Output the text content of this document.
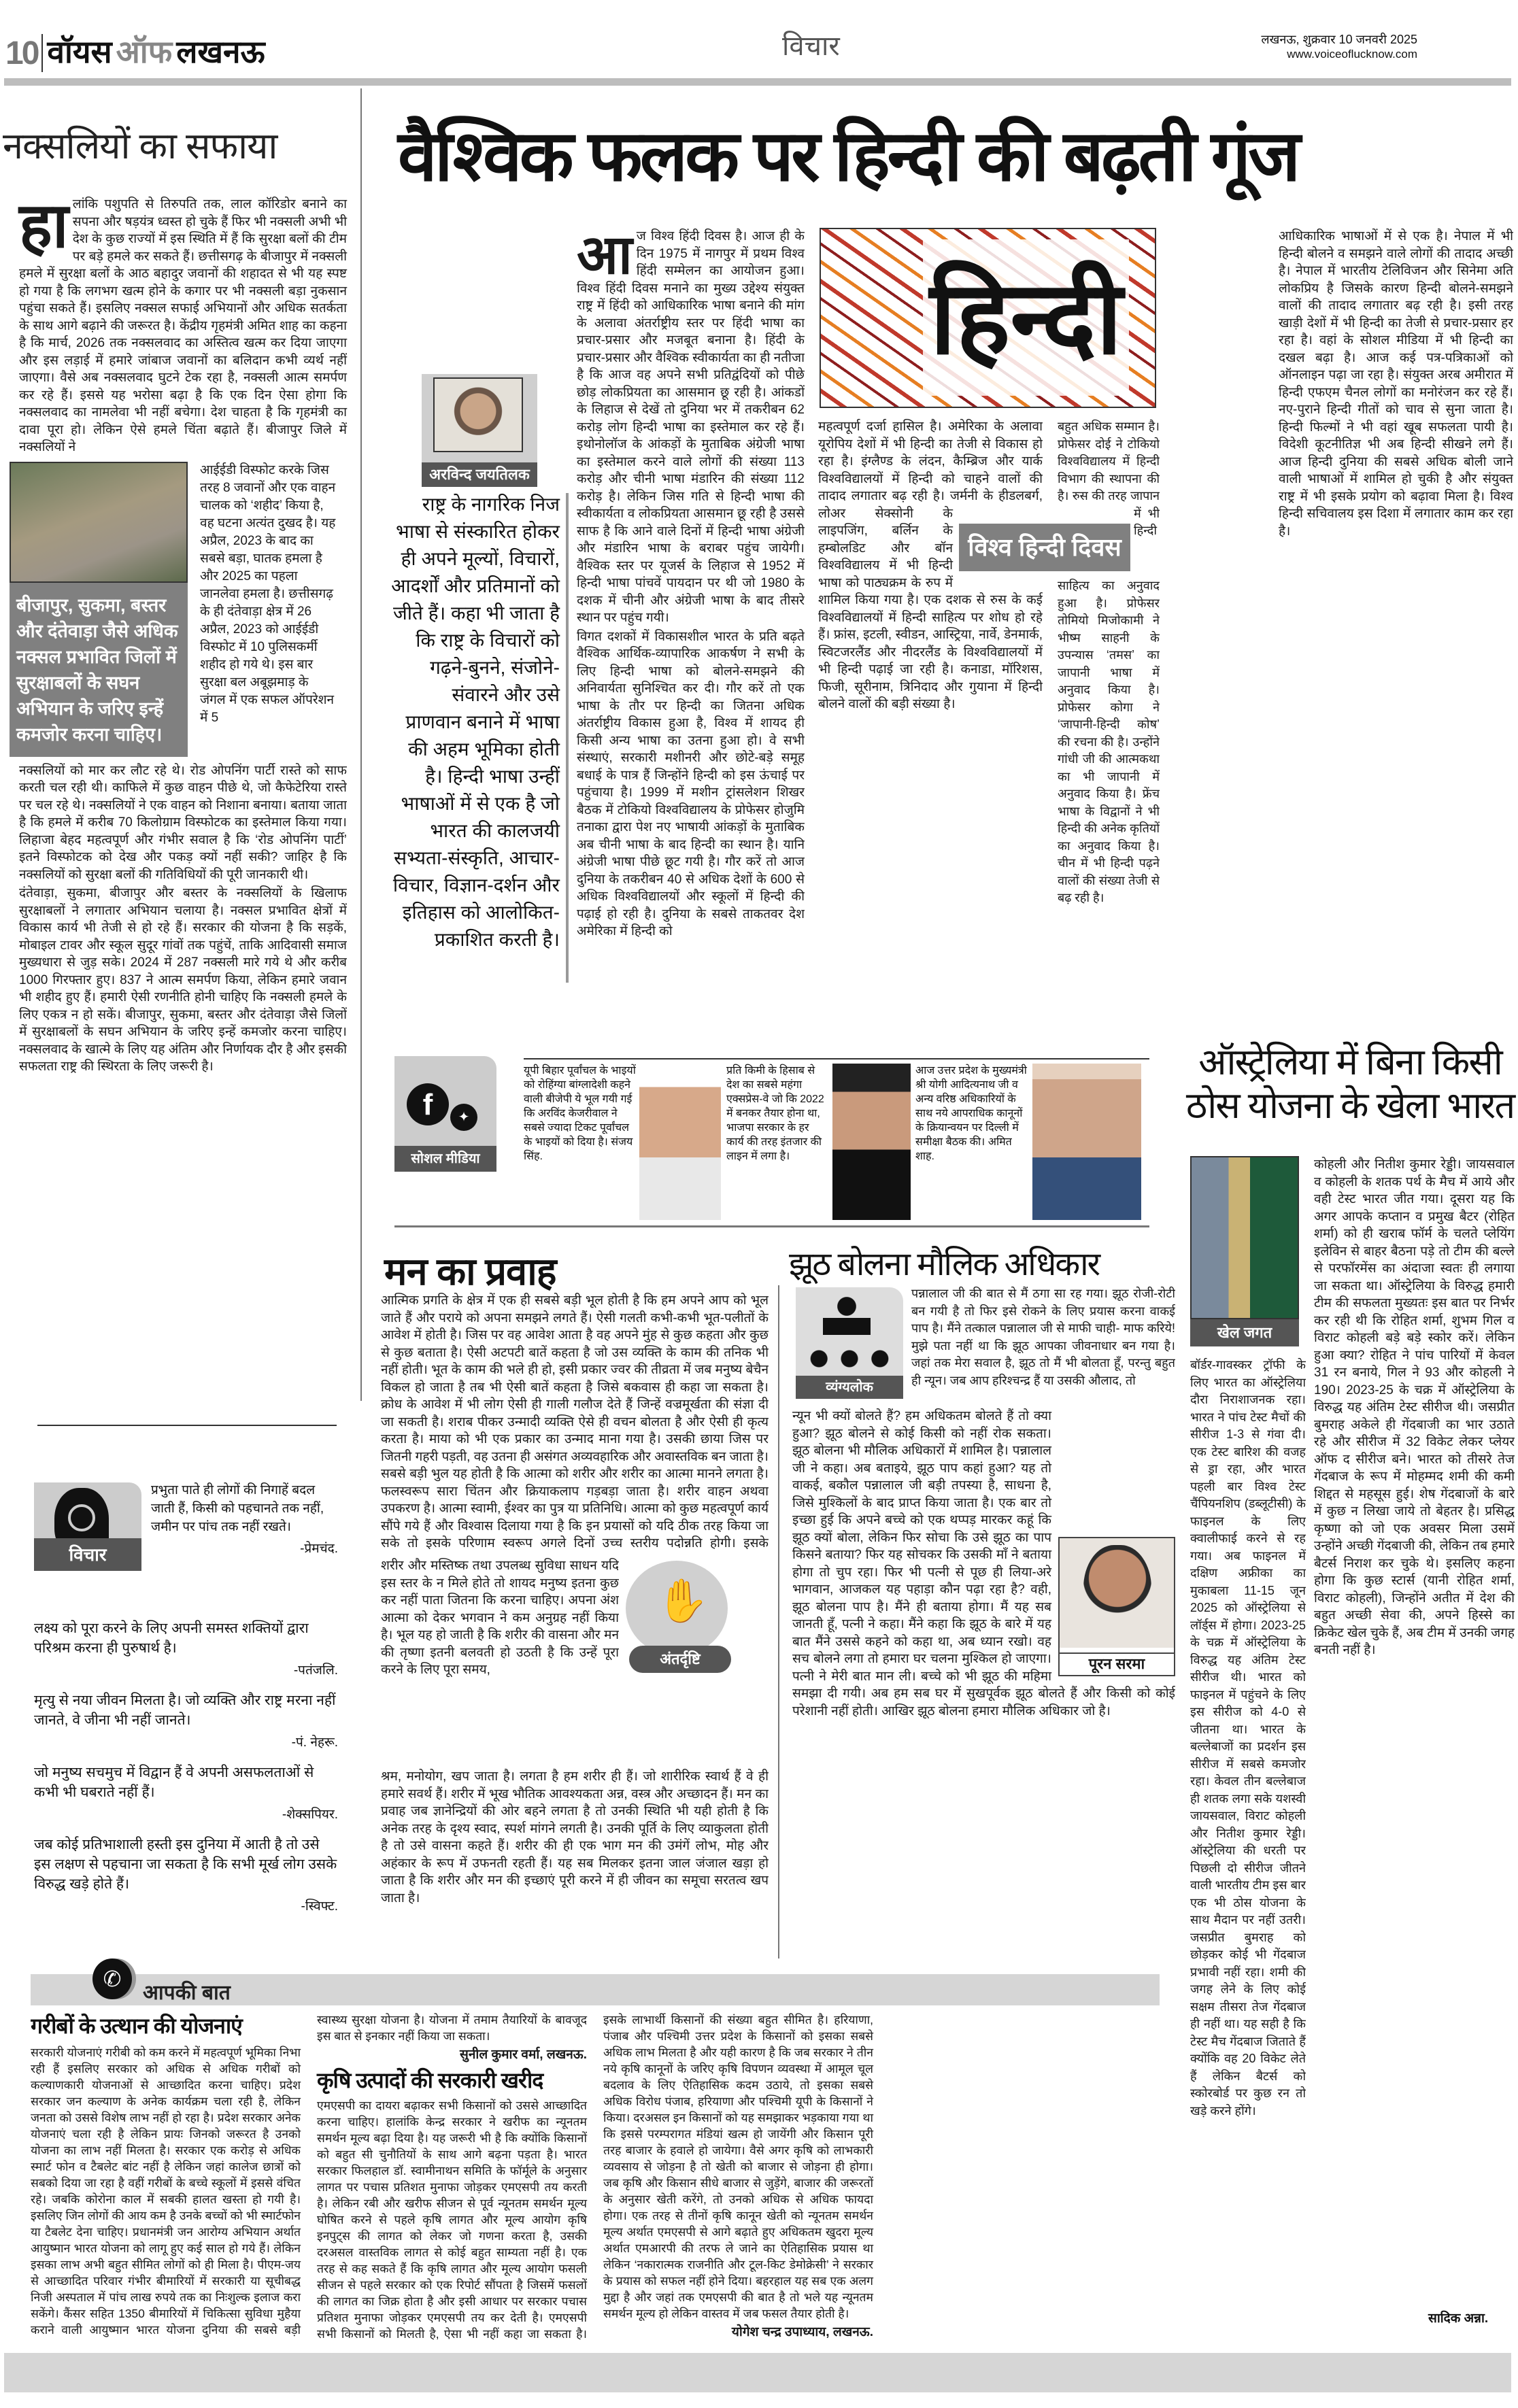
10 वॉयस ऑफ लखनऊ	विचार	लखनऊ, शुक्रवार 10 जनवरी 2025
www.voiceoflucknow.com
नक्सलियों का सफाया
हा लांकि पशुपति से तिरुपति तक, लाल कॉरिडोर बनाने का सपना और षड़यंत्र ध्वस्त हो चुके हैं फिर भी नक्सली अभी भी देश के कुछ राज्यों में इस स्थिति में हैं कि सुरक्षा बलों की टीम पर बड़े हमले कर सकते हैं। छत्तीसगढ़ के बीजापुर में नक्सली हमले में सुरक्षा बलों के आठ बहादुर जवानों की शहादत से भी यह स्पष्ट हो गया है कि लगभग खत्म होने के कगार पर भी नक्सली बड़ा नुकसान पहुंचा सकते हैं। इसलिए नक्सल सफाई अभियानों और अधिक सतर्कता के साथ आगे बढ़ाने की जरूरत है। केंद्रीय गृहमंत्री अमित शाह का कहना है कि मार्च, 2026 तक नक्सलवाद का अस्तित्व खत्म कर दिया जाएगा और इस लड़ाई में हमारे जांबाज जवानों का बलिदान कभी व्यर्थ नहीं जाएगा। वैसे अब नक्सलवाद घुटने टेक रहा है, नक्सली आत्म समर्पण कर रहे हैं। इससे यह भरोसा बढ़ा है कि एक दिन ऐसा होगा कि नक्सलवाद का नामलेवा भी नहीं बचेगा। देश चाहता है कि गृहमंत्री का दावा पूरा हो। लेकिन ऐसे हमले चिंता बढ़ाते हैं। बीजापुर जिले में नक्सलियों ने
बीजापुर, सुकमा, बस्तर और दंतेवाड़ा जैसे अधिक नक्सल प्रभावित जिलों में सुरक्षाबलों के सघन अभियान के जरिए इन्हें कमजोर करना चाहिए।
आईईडी विस्फोट करके जिस तरह 8 जवानों और एक वाहन चालक को ‘शहीद’ किया है, वह घटना अत्यंत दुखद है। यह अप्रैल, 2023 के बाद का सबसे बड़ा, घातक हमला है और 2025 का पहला जानलेवा हमला है। छत्तीसगढ़ के ही दंतेवाड़ा क्षेत्र में 26 अप्रैल, 2023 को आईईडी विस्फोट में 10 पुलिसकर्मी शहीद हो गये थे। इस बार सुरक्षा बल अबूझमाड़ के जंगल में एक सफल ऑपरेशन में 5

नक्सलियों को मार कर लौट रहे थे। रोड ओपनिंग पार्टी रास्ते को साफ करती चल रही थी। काफिले में कुछ वाहन पीछे थे, जो कैफेटेरिया रास्ते पर चल रहे थे। नक्सलियों ने एक वाहन को निशाना बनाया। बताया जाता है कि हमले में करीब 70 किलोग्राम विस्फोटक का इस्तेमाल किया गया। लिहाजा बेहद महत्वपूर्ण और गंभीर सवाल है कि ‘रोड ओपनिंग पार्टी’ इतने विस्फोटक को देख और पकड़ क्यों नहीं सकी? जाहिर है कि नक्सलियों को सुरक्षा बलों की गतिविधियों की पूरी जानकारी थी।

दंतेवाड़ा, सुकमा, बीजापुर और बस्तर के नक्सलियों के खिलाफ सुरक्षाबलों ने लगातार अभियान चलाया है। नक्सल प्रभावित क्षेत्रों में विकास कार्य भी तेजी से हो रहे हैं। सरकार की योजना है कि सड़कें, मोबाइल टावर और स्कूल सुदूर गांवों तक पहुंचें, ताकि आदिवासी समाज मुख्यधारा से जुड़ सके। 2024 में 287 नक्सली मारे गये थे और करीब 1000 गिरफ्तार हुए। 837 ने आत्म समर्पण किया, लेकिन हमारे जवान भी शहीद हुए हैं। हमारी ऐसी रणनीति होनी चाहिए कि नक्सली हमले के लिए एकत्र न हो सकें। बीजापुर, सुकमा, बस्तर और दंतेवाड़ा जैसे जिलों में सुरक्षाबलों के सघन अभियान के जरिए इन्हें कमजोर करना चाहिए। नक्सलवाद के खात्मे के लिए यह अंतिम और निर्णायक दौर है और इसकी सफलता राष्ट्र की स्थिरता के लिए जरूरी है।

वैश्विक फलक पर हिन्दी की बढ़ती गूंज
अरविन्द जयतिलक
राष्ट्र के नागरिक निज भाषा से संस्कारित होकर ही अपने मूल्यों, विचारों, आदर्शों और प्रतिमानों को जीते हैं। कहा भी जाता है कि राष्ट्र के विचारों को गढ़ने-बुनने, संजोने-संवारने और उसे प्राणवान बनाने में भाषा की अहम भूमिका होती है। हिन्दी भाषा उन्हीं भाषाओं में से एक है जो भारत की कालजयी सभ्यता-संस्कृति, आचार-विचार, विज्ञान-दर्शन और इतिहास को आलोकित-प्रकाशित करती है।
आ ज विश्व हिंदी दिवस है। आज ही के दिन 1975 में नागपुर में प्रथम विश्व हिंदी सम्मेलन का आयोजन हुआ। विश्व हिंदी दिवस मनाने का मुख्य उद्देश्य संयुक्त राष्ट्र में हिंदी को आधिकारिक भाषा बनाने की मांग के अलावा अंतर्राष्ट्रीय स्तर पर हिंदी भाषा का प्रचार-प्रसार और मजबूत बनाना है। हिंदी के प्रचार-प्रसार और वैश्विक स्वीकार्यता का ही नतीजा है कि आज वह अपने सभी प्रतिद्वंदियों को पीछे छोड़ लोकप्रियता का आसमान छू रही है। आंकडों के लिहाज से देखें तो दुनिया भर में तकरीबन 62 करोड़ लोग हिन्दी भाषा का इस्तेमाल कर रहे हैं। इथोनोलॉज के आंकड़ों के मुताबिक अंग्रेजी भाषा का इस्तेमाल करने वाले लोगों की संख्या 113 करोड़ और चीनी भाषा मंडारिन की संख्या 112 करोड़ है। लेकिन जिस गति से हिन्दी भाषा की स्वीकार्यता व लोकप्रियता आसमान छू रही है उससे साफ है कि आने वाले दिनों में हिन्दी भाषा अंग्रेजी और मंडारिन भाषा के बराबर पहुंच जायेगी। वैश्विक स्तर पर यूजर्स के लिहाज से 1952 में हिन्दी भाषा पांचवें पायदान पर थी जो 1980 के दशक में चीनी और अंग्रेजी भाषा के बाद तीसरे स्थान पर पहुंच गयी।

विगत दशकों में विकासशील भारत के प्रति बढ़ते वैश्विक आर्थिक-व्यापारिक आकर्षण ने सभी के लिए हिन्दी भाषा को बोलने-समझने की अनिवार्यता सुनिश्चित कर दी। गौर करें तो एक भाषा के तौर पर हिन्दी का जितना अधिक अंतर्राष्ट्रीय विकास हुआ है, विश्व में शायद ही किसी अन्य भाषा का उतना हुआ हो। वे सभी संस्थाएं, सरकारी मशीनरी और छोटे-बड़े समूह बधाई के पात्र हैं जिन्होंने हिन्दी को इस ऊंचाई पर पहुंचाया है। 1999 में मशीन ट्रांसलेशन शिखर बैठक में टोकियो विश्वविद्यालय के प्रोफेसर होजुमि तनाका द्वारा पेश नए भाषायी आंकड़ों के मुताबिक अब चीनी भाषा के बाद हिन्दी का स्थान है। यानि अंग्रेजी भाषा पीछे छूट गयी है। गौर करें तो आज दुनिया के तकरीबन 40 से अधिक देशों के 600 से अधिक विश्वविद्यालयों और स्कूलों में हिन्दी की पढ़ाई हो रही है। दुनिया के सबसे ताकतवर देश अमेरिका में हिन्दी को

हिन्दी
महत्वपूर्ण दर्जा हासिल है। अमेरिका के अलावा यूरोपिय देशों में भी हिन्दी का तेजी से विकास हो रहा है। इंग्लैण्ड के लंदन, कैम्ब्रिज और यार्क विश्वविद्यालयों में हिन्दी को चाहने वालों की तादाद लगातार बढ़ रही है। जर्मनी के हीडलबर्ग, लोअर सेक्सोनी के लाइपजिंग, बर्लिन के हम्बोलडिट और बॉन विश्वविद्यालय में भी हिन्दी भाषा को पाठ्यक्रम के रुप में शामिल किया गया है। एक दशक से रुस के कई विश्वविद्यालयों में हिन्दी साहित्य पर शोध हो रहे हैं। फ्रांस, इटली, स्वीडन, आस्ट्रिया, नार्वे, डेनमार्क, स्विटजरलैंड और नीदरलैंड के विश्वविद्यालयों में भी हिन्दी पढ़ाई जा रही है। कनाडा, मॉरिशस, फिजी, सूरीनाम, त्रिनिदाद और गुयाना में हिन्दी बोलने वालों की बड़ी संख्या है।
बहुत अधिक सम्मान है। प्रोफेसर दोई ने टोकियो विश्वविद्यालय में हिन्दी विभाग की स्थापना की है। रुस की तरह जापान में भी हिन्दी साहित्य का अनुवाद हुआ है। प्रोफेसर तोमियो मिजोकामी ने भीष्म साहनी के उपन्यास ‘तमस’ का जापानी भाषा में अनुवाद किया है। प्रोफेसर कोगा ने ‘जापानी-हिन्दी कोष’ की रचना की है। उन्होंने गांधी जी की आत्मकथा का भी जापानी में अनुवाद किया है। फ्रेंच भाषा के विद्वानों ने भी हिन्दी की अनेक कृतियों का अनुवाद किया है। चीन में भी हिन्दी पढ़ने वालों की संख्या तेजी से बढ़ रही है।
विश्व हिन्दी दिवस
आधिकारिक भाषाओं में से एक है। नेपाल में भी हिन्दी बोलने व समझने वाले लोगों की तादाद अच्छी है। नेपाल में भारतीय टेलिविजन और सिनेमा अति लोकप्रिय है जिसके कारण हिन्दी बोलने-समझने वालों की तादाद लगातार बढ़ रही है। इसी तरह खाड़ी देशों में भी हिन्दी का तेजी से प्रचार-प्रसार हर रहा है। वहां के सोशल मीडिया में भी हिन्दी का दखल बढ़ा है। आज कई पत्र-पत्रिकाओं को ऑनलाइन पढ़ा जा रहा है। संयुक्त अरब अमीरात में हिन्दी एफएम चैनल लोगों का मनोरंजन कर रहे हैं। नए-पुराने हिन्दी गीतों को चाव से सुना जाता है। हिन्दी फिल्मों ने भी वहां खूब सफलता पायी है। विदेशी कूटनीतिज्ञ भी अब हिन्दी सीखने लगे हैं। आज हिन्दी दुनिया की सबसे अधिक बोली जाने वाली भाषाओं में शामिल हो चुकी है और संयुक्त राष्ट्र में भी इसके प्रयोग को बढ़ावा मिला है। विश्व हिन्दी सचिवालय इस दिशा में लगातार काम कर रहा है।
f	✦
सोशल मीडिया
यूपी बिहार पूर्वांचल के भाइयों को रोहिंग्या बांग्लादेशी कहने वाली बीजेपी ये भूल गयी गई कि अरविंद केजरीवाल ने सबसे ज्यादा टिकट पूर्वांचल के भाइयों को दिया है। संजय सिंह.
प्रति किमी के हिसाब से देश का सबसे महंगा एक्सप्रेस-वे जो कि 2022 में बनकर तैयार होना था, भाजपा सरकार के हर कार्य की तरह इंतजार की लाइन में लगा है।
आज उत्तर प्रदेश के मुख्यमंत्री श्री योगी आदित्यनाथ जी व अन्य वरिष्ठ अधिकारियों के साथ नये आपराधिक कानूनों के क्रियान्वयन पर दिल्ली में समीक्षा बैठक की। अमित शाह.
ऑस्ट्रेलिया में बिना किसी ठोस योजना के खेला भारत
खेल जगत
कोहली और नितीश कुमार रेड्डी। जायसवाल व कोहली के शतक पर्थ के मैच में आये और वही टेस्ट भारत जीत गया। दूसरा यह कि अगर आपके कप्तान व प्रमुख बैटर (रोहित शर्मा) को ही खराब फॉर्म के चलते प्लेयिंग इलेविन से बाहर बैठना पड़े तो टीम की बल्ले से परफॉरमेंस का अंदाजा स्वतः ही लगाया जा सकता था। ऑस्ट्रेलिया के विरुद्ध हमारी टीम की सफलता मुख्यतः इस बात पर निर्भर कर रही थी कि रोहित शर्मा, शुभम गिल व विराट कोहली बड़े बड़े स्कोर करें। लेकिन हुआ क्या? रोहित ने पांच पारियों में केवल 31 रन बनाये, गिल ने 93 और कोहली ने 190। 2023-25 के चक्र में ऑस्ट्रेलिया के विरुद्ध यह अंतिम टेस्ट सीरीज थी। जसप्रीत बुमराह अकेले ही गेंदबाजी का भार उठाते रहे और सीरीज में 32 विकेट लेकर प्लेयर ऑफ द सीरीज बने। भारत को तीसरे तेज गेंदबाज के रूप में मोहम्मद शमी की कमी शिद्दत से महसूस हुई। शेष गेंदबाजों के बारे में कुछ न लिखा जाये तो बेहतर है। प्रसिद्ध कृष्णा को जो एक अवसर मिला उसमें उन्होंने अच्छी गेंदबाजी की, लेकिन तब हमारे बैटर्स निराश कर चुके थे। इसलिए कहना होगा कि कुछ स्टार्स (यानी रोहित शर्मा, विराट कोहली), जिन्होंने अतीत में देश की बहुत अच्छी सेवा की, अपने हिस्से का क्रिकेट खेल चुके हैं, अब टीम में उनकी जगह बनती नहीं है।
बॉर्डर-गावस्कर ट्रॉफी के लिए भारत का ऑस्ट्रेलिया दौरा निराशाजनक रहा। भारत ने पांच टेस्ट मैचों की सीरीज 1-3 से गंवा दी। एक टेस्ट बारिश की वजह से ड्रा रहा, और भारत पहली बार विश्व टेस्ट चैंपियनशिप (डब्लूटीसी) के फाइनल के लिए क्वालीफाई करने से रह गया। अब फाइनल में दक्षिण अफ्रीका का मुकाबला 11-15 जून 2025 को ऑस्ट्रेलिया से लॉर्ड्स में होगा। 2023-25 के चक्र में ऑस्ट्रेलिया के विरुद्ध यह अंतिम टेस्ट सीरीज थी। भारत को फाइनल में पहुंचने के लिए इस सीरीज को 4-0 से जीतना था। भारत के बल्लेबाजों का प्रदर्शन इस सीरीज में सबसे कमजोर रहा। केवल तीन बल्लेबाज ही शतक लगा सके यशस्वी जायसवाल, विराट कोहली और नितीश कुमार रेड्डी। ऑस्ट्रेलिया की धरती पर पिछली दो सीरीज जीतने वाली भारतीय टीम इस बार एक भी ठोस योजना के साथ मैदान पर नहीं उतरी। जसप्रीत बुमराह को छोड़कर कोई भी गेंदबाज प्रभावी नहीं रहा। शमी की जगह लेने के लिए कोई सक्षम तीसरा तेज गेंदबाज ही नहीं था। यह सही है कि टेस्ट मैच गेंदबाज जिताते हैं क्योंकि वह 20 विकेट लेते हैं लेकिन बैटर्स को स्कोरबोर्ड पर कुछ रन तो खड़े करने होंगे।
सादिक अन्ना.
मन का प्रवाह
आत्मिक प्रगति के क्षेत्र में एक ही सबसे बड़ी भूल होती है कि हम अपने आप को भूल जाते हैं और पराये को अपना समझने लगते हैं। ऐसी गलती कभी-कभी भूत-पलीतों के आवेश में होती है। जिस पर वह आवेश आता है वह अपने मुंह से कुछ कहता और कुछ से कुछ बताता है। ऐसी अटपटी बातें कहता है जो उस व्यक्ति के काम की तनिक भी नहीं होती। भूत के काम की भले ही हो, इसी प्रकार ज्वर की तीव्रता में जब मनुष्य बेचैन विकल हो जाता है तब भी ऐसी बातें कहता है जिसे बकवास ही कहा जा सकता है। क्रोध के आवेश में भी लोग ऐसी ही गाली गलौज देते हैं जिन्हें वज्रमूर्खता की संज्ञा दी जा सकती है। शराब पीकर उन्मादी व्यक्ति ऐसे ही वचन बोलता है और ऐसी ही कृत्य करता है। माया को भी एक प्रकार का उन्माद माना गया है। उसकी छाया जिस पर जितनी गहरी पड़ती, वह उतना ही असंगत अव्यवहारिक और अवास्तविक बन जाता है। सबसे बड़ी भुल यह होती है कि आत्मा को शरीर और शरीर का आत्मा मानने लगता है। फलस्वरूप सारा चिंतन और क्रियाकलाप गड़बड़ा जाता है। शरीर वाहन अथवा उपकरण है। आत्मा स्वामी, ईश्वर का पुत्र या प्रतिनिधि। आत्मा को कुछ महत्वपूर्ण कार्य सौंपे गये हैं और विश्वास दिलाया गया है कि इन प्रयासों को यदि ठीक तरह किया जा सके तो इसके परिणाम स्वरूप अगले दिनों उच्च स्तरीय पदोन्नति होगी। इसके
शरीर और मस्तिष्क तथा उपलब्ध सुविधा साधन यदि इस स्तर के न मिले होते तो शायद मनुष्य इतना कुछ कर नहीं पाता जितना कि करना चाहिए। अपना अंश आत्मा को देकर भगवान ने कम अनुग्रह नहीं किया है। भूल यह हो जाती है कि शरीर की वासना और मन की तृष्णा इतनी बलवती हो उठती है कि उन्हें पूरा करने के लिए पूरा समय,
✋
अंतर्दृष्टि
श्रम, मनोयोग, खप जाता है। लगता है हम शरीर ही हैं। जो शारीरिक स्वार्थ हैं वे ही हमारे सवर्थ हैं। शरीर में भूख भौतिक आवश्यकता अन्न, वस्त्र और अच्छादन हैं। मन का प्रवाह जब ज्ञानेन्द्रियों की ओर बहने लगता है तो उनकी स्थिति भी यही होती है कि अनेक तरह के दृश्य स्वाद, स्पर्श मांगने लगती है। उनकी पूर्ति के लिए व्याकुलता होती है तो उसे वासना कहते हैं। शरीर की ही एक भाग मन की उमंगें लोभ, मोह और अहंकार के रूप में उफनती रहती हैं। यह सब मिलकर इतना जाल जंजाल खड़ा हो जाता है कि शरीर और मन की इच्छाएं पूरी करने में ही जीवन का समूचा सरतत्व खप जाता है।
विचार

प्रभुता पाते ही लोगों की निगाहें बदल जाती हैं, किसी को पहचानते तक नहीं, जमीन पर पांच तक नहीं रखते।

-प्रेमचंद.

लक्ष्य को पूरा करने के लिए अपनी समस्त शक्तियों द्वारा परिश्रम करना ही पुरुषार्थ है।

-पतंजलि.

मृत्यु से नया जीवन मिलता है। जो व्यक्ति और राष्ट्र मरना नहीं जानते, वे जीना भी नहीं जानते।

-पं. नेहरू.

जो मनुष्य सचमुच में विद्वान हैं वे अपनी असफलताओं से कभी भी घबराते नहीं हैं।

-शेक्सपियर.

जब कोई प्रतिभाशाली हस्ती इस दुनिया में आती है तो उसे इस लक्षण से पहचाना जा सकता है कि सभी मूर्ख लोग उसके विरुद्ध खड़े होते हैं।

-स्विफ्ट.

झूठ बोलना मौलिक अधिकार
व्यंग्यलोक
पन्नालाल जी की बात से मैं ठगा सा रह गया। झूठ रोजी-रोटी बन गयी है तो फिर इसे रोकने के लिए प्रयास करना वाकई पाप है। मैंने तत्काल पन्नालाल जी से माफी चाही- माफ करिये! मुझे पता नहीं था कि झूठ आपका जीवनाधार बन गया है। जहां तक मेरा सवाल है, झूठ तो मैं भी बोलता हूँ, परन्तु बहुत ही न्यून। जब आप हरिश्चन्द्र हैं या उसकी औलाद, तो
पूरन सरमा
न्यून भी क्यों बोलते हैं? हम अधिकतम बोलते हैं तो क्या हुआ? झूठ बोलने से कोई किसी को नहीं रोक सकता। झूठ बोलना भी मौलिक अधिकारों में शामिल है। पन्नालाल जी ने कहा। अब बताइये, झूठ पाप कहां हुआ? यह तो वाकई, बकौल पन्नालाल जी बड़ी तपस्या है, साधना है, जिसे मुश्किलों के बाद प्राप्त किया जाता है। एक बार तो इच्छा हुई कि अपने बच्चे को एक थप्पड़ मारकर कहूं कि झूठ क्यों बोला, लेकिन फिर सोचा कि उसे झूठ का पाप किसने बताया? फिर यह सोचकर कि उसकी माँ ने बताया होगा तो चुप रहा। फिर भी पत्नी से पूछ ही लिया-अरे भागवान, आजकल यह पहाड़ा कौन पढ़ा रहा है? वही, झूठ बोलना पाप है। मैंने ही बताया होगा। मैं यह सब जानती हूँ, पत्नी ने कहा। मैंने कहा कि झूठ के बारे में यह बात मैंने उससे कहने को कहा था, अब ध्यान रखो। वह सच बोलने लगा तो हमारा घर चलना मुश्किल हो जाएगा। पत्नी ने मेरी बात मान ली। बच्चे को भी झूठ की महिमा समझा दी गयी। अब हम सब घर में सुखपूर्वक झूठ बोलते हैं और किसी को कोई परेशानी नहीं होती। आखिर झूठ बोलना हमारा मौलिक अधिकार जो है।
✆
आपकी बात

गरीबों के उत्थान की योजनाएं

सरकारी योजनाएं गरीबी को कम करने में महत्वपूर्ण भूमिका निभा रही हैं इसलिए सरकार को अधिक से अधिक गरीबों को कल्याणकारी योजनाओं से आच्छादित करना चाहिए। प्रदेश सरकार जन कल्याण के अनेक कार्यक्रम चला रही है, लेकिन जनता को उससे विशेष लाभ नहीं हो रहा है। प्रदेश सरकार अनेक योजनाएं चला रही है लेकिन प्रायः जिनको जरूरत है उनको योजना का लाभ नहीं मिलता है। सरकार एक करोड़ से अधिक स्मार्ट फोन व टैबलेट बांट नहीं है लेकिन जहां कालेज छात्रों को सबको दिया जा रहा है वहीं गरीबों के बच्चे स्कूलों में इससे वंचित रहे। जबकि कोरोना काल में सबकी हालत खस्ता हो गयी है। इसलिए जिन लोगों की आय कम है उनके बच्चों को भी स्मार्टफोन या टैबलेट देना चाहिए। प्रधानमंत्री जन आरोग्य अभियान अर्थात आयुष्मान भारत योजना को लागू हुए कई साल हो गये हैं। लेकिन इसका लाभ अभी बहुत सीमित लोगों को ही मिला है। पीएम-जय से आच्छादित परिवार गंभीर बीमारियों में सरकारी या सूचीबद्ध निजी अस्पताल में पांच लाख रुपये तक का निःशुल्क इलाज करा सकेंगे। कैंसर सहित 1350 बीमारियों में चिकित्सा सुविधा मुहैया कराने वाली आयुष्मान भारत योजना दुनिया की सबसे बड़ी स्वास्थ्य सुरक्षा योजना है। योजना में तमाम तैयारियों के बावजूद इस बात से इनकार नहीं किया जा सकता।

सुनील कुमार वर्मा, लखनऊ.

कृषि उत्पादों की सरकारी खरीद

एमएसपी का दायरा बढ़ाकर सभी किसानों को उससे आच्छादित करना चाहिए। हालांकि केन्द्र सरकार ने खरीफ का न्यूनतम समर्थन मूल्य बढ़ा दिया है। यह जरूरी भी है कि क्योंकि किसानों को बहुत सी चुनौतियों के साथ आगे बढ़ना पड़ता है। भारत सरकार फिलहाल डॉ. स्वामीनाथन समिति के फॉर्मूले के अनुसार लागत पर पचास प्रतिशत मुनाफा जोड़कर एमएसपी तय करती है। लेकिन रबी और खरीफ सीजन से पूर्व न्यूनतम समर्थन मूल्य घोषित करने से पहले कृषि लागत और मूल्य आयोग कृषि इनपुट्स की लागत को लेकर जो गणना करता है, उसकी दरअसल वास्तविक लागत से कोई बहुत साम्यता नहीं है। एक तरह से कह सकते हैं कि कृषि लागत और मूल्य आयोग फसली सीजन से पहले सरकार को एक रिपोर्ट सौंपता है जिसमें फसलों की लागत का जिक्र होता है और इसी आधार पर सरकार पचास प्रतिशत मुनाफा जोड़कर एमएसपी तय कर देती है। एमएसपी सभी किसानों को मिलती है, ऐसा भी नहीं कहा जा सकता है। इसके लाभार्थी किसानों की संख्या बहुत सीमित है। हरियाणा, पंजाब और पश्चिमी उत्तर प्रदेश के किसानों को इसका सबसे अधिक लाभ मिलता है और यही कारण है कि जब सरकार ने तीन नये कृषि कानूनों के जरिए कृषि विपणन व्यवस्था में आमूल चूल बदलाव के लिए ऐतिहासिक कदम उठाये, तो इसका सबसे अधिक विरोध पंजाब, हरियाणा और पश्चिमी यूपी के किसानों ने किया। दरअसल इन किसानों को यह समझाकर भड़काया गया था कि इससे परम्परागत मंडियां खत्म हो जायेंगी और किसान पूरी तरह बाजार के हवाले हो जायेगा। वैसे अगर कृषि को लाभकारी व्यवसाय से जोड़ना है तो खेती को बाजार से जोड़ना ही होगा। जब कृषि और किसान सीधे बाजार से जुड़ेंगे, बाजार की जरूरतों के अनुसार खेती करेंगे, तो उनको अधिक से अधिक फायदा होगा। एक तरह से तीनों कृषि कानून खेती को न्यूनतम समर्थन मूल्य अर्थात एमएसपी से आगे बढ़ाते हुए अधिकतम खुदरा मूल्य अर्थात एमआरपी की तरफ ले जाने का ऐतिहासिक प्रयास था लेकिन ‘नकारात्मक राजनीति और टूल-किट डेमोक्रेसी’ ने सरकार के प्रयास को सफल नहीं होने दिया। बहरहाल यह सब एक अलग मुद्दा है और जहां तक एमएसपी की बात है तो भले यह न्यूनतम समर्थन मूल्य हो लेकिन वास्तव में जब फसल तैयार होती है।

योगेश चन्द्र उपाध्याय, लखनऊ.
